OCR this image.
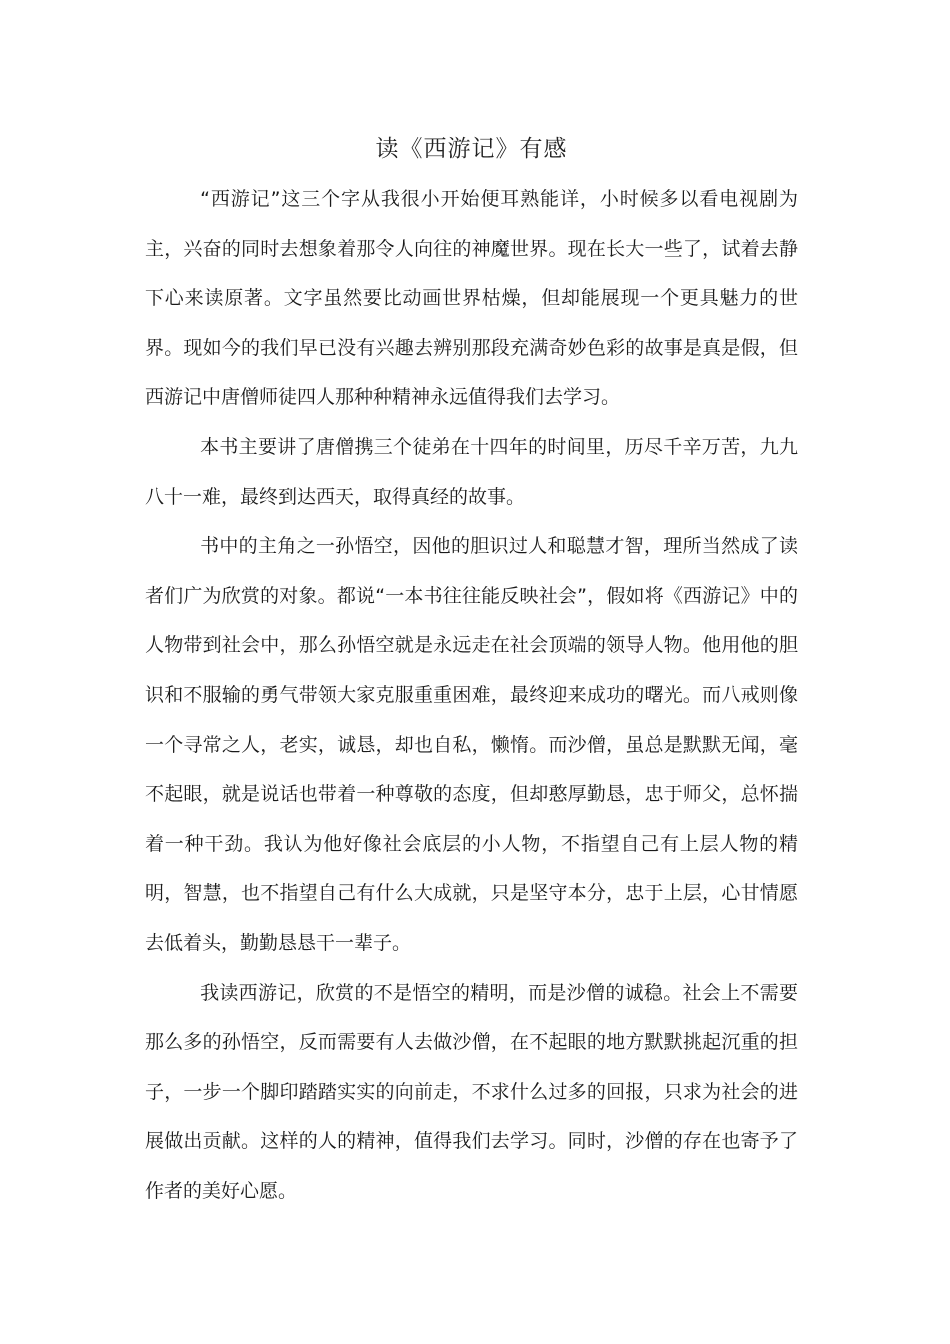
读《西游记》有感

“西游记”这三个字从我很小开始便耳熟能详，小时候多以看电视剧为主，兴奋的同时去想象着那令人向往的神魔世界。现在长大一些了，试着去静下心来读原著。文字虽然要比动画世界枯燥，但却能展现一个更具魅力的世界。现如今的我们早已没有兴趣去辨别那段充满奇妙色彩的故事是真是假，但西游记中唐僧师徒四人那种种精神永远值得我们去学习。

本书主要讲了唐僧携三个徒弟在十四年的时间里，历尽千辛万苦，九九八十一难，最终到达西天，取得真经的故事。

书中的主角之一孙悟空，因他的胆识过人和聪慧才智，理所当然成了读者们广为欣赏的对象。都说“一本书往往能反映社会”，假如将《西游记》中的人物带到社会中，那么孙悟空就是永远走在社会顶端的领导人物。他用他的胆识和不服输的勇气带领大家克服重重困难，最终迎来成功的曙光。而八戒则像一个寻常之人，老实，诚恳，却也自私，懒惰。而沙僧，虽总是默默无闻，毫不起眼，就是说话也带着一种尊敬的态度，但却憨厚勤恳，忠于师父，总怀揣着一种干劲。我认为他好像社会底层的小人物，不指望自己有上层人物的精明，智慧，也不指望自己有什么大成就，只是坚守本分，忠于上层，心甘情愿去低着头，勤勤恳恳干一辈子。

我读西游记，欣赏的不是悟空的精明，而是沙僧的诚稳。社会上不需要那么多的孙悟空，反而需要有人去做沙僧，在不起眼的地方默默挑起沉重的担子，一步一个脚印踏踏实实的向前走，不求什么过多的回报，只求为社会的进展做出贡献。这样的人的精神，值得我们去学习。同时，沙僧的存在也寄予了作者的美好心愿。
